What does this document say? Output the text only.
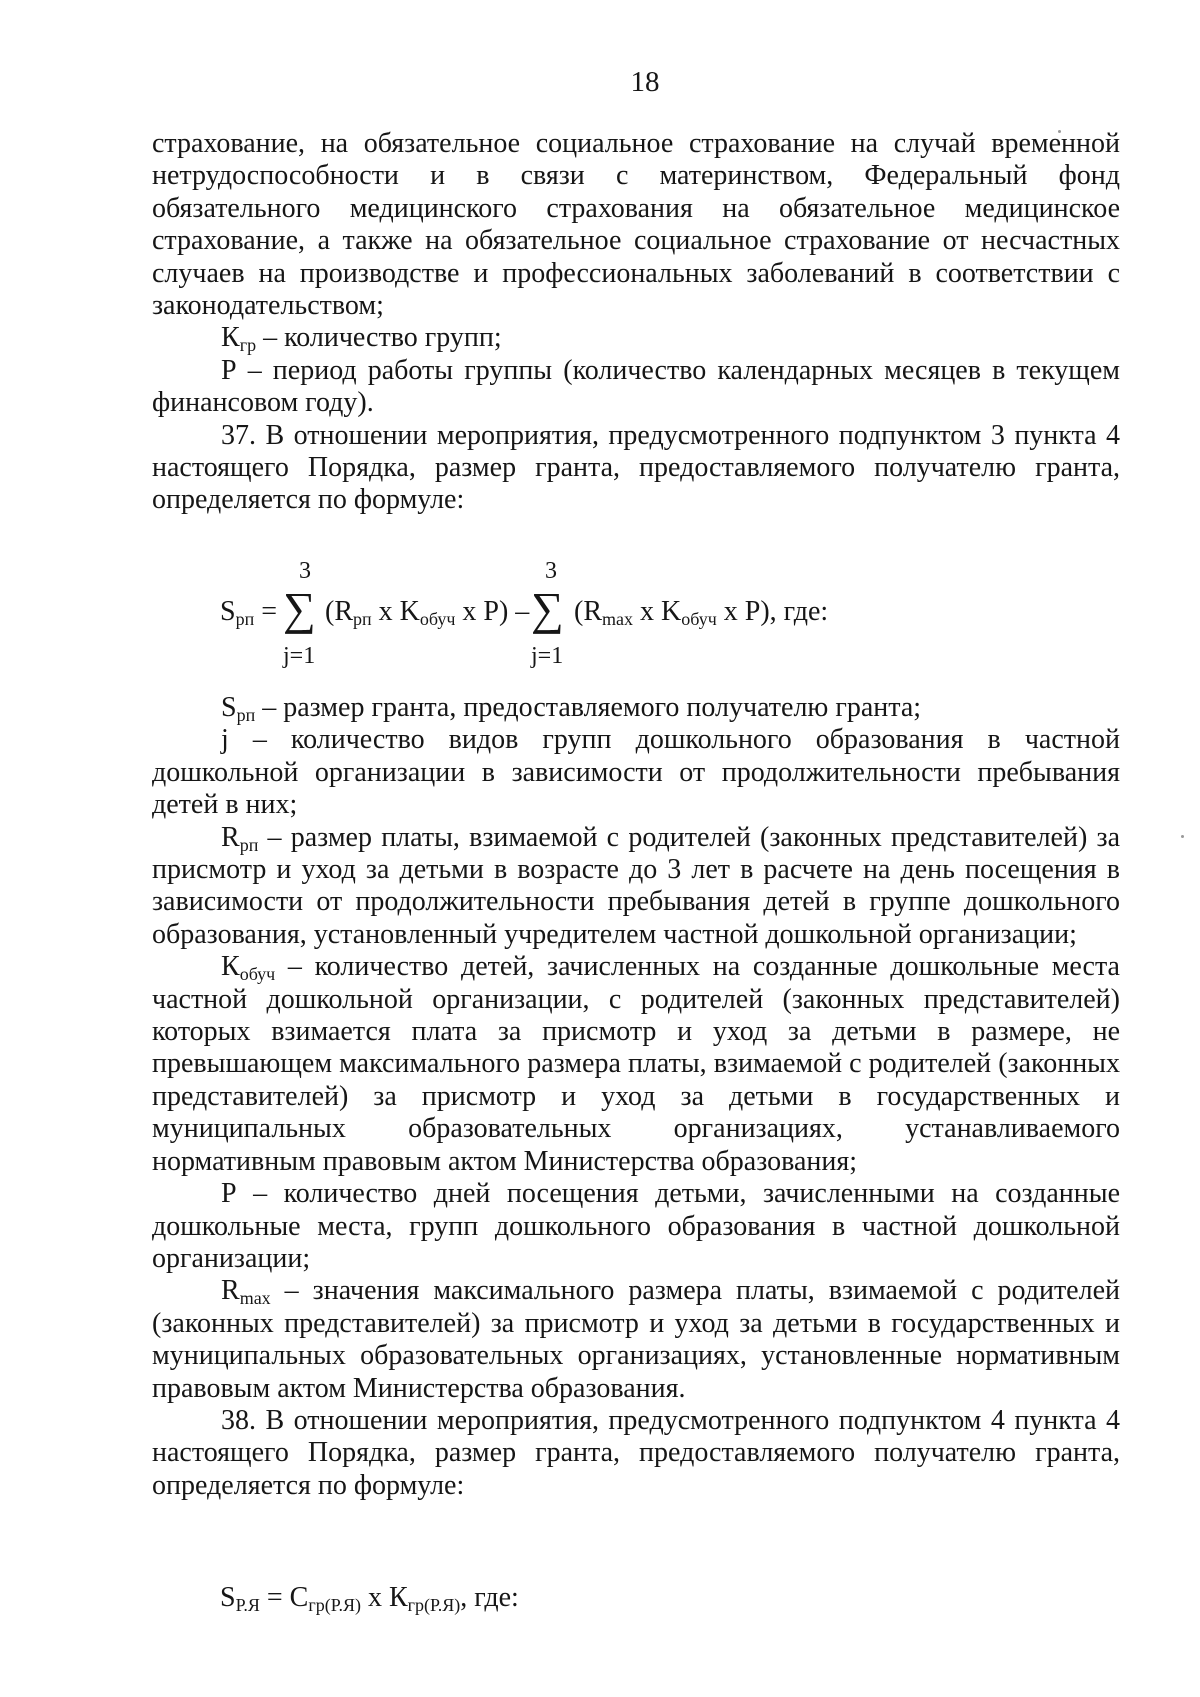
18

страхование, на обязательное социальное страхование на случай временной нетрудоспособности и в связи с материнством, Федеральный фонд обязательного медицинского страхования на обязательное медицинское страхование, а также на обязательное социальное страхование от несчастных случаев на производстве и профессиональных заболеваний в соответствии с законодательством;

$К_{гр}$ – количество групп;

Р – период работы группы (количество календарных месяцев в текущем финансовом году).

37. В отношении мероприятия, предусмотренного подпунктом 3 пункта 4 настоящего Порядка, размер гранта, предоставляемого получателю гранта, определяется по формуле:

3	3
$S_{рп}$ = ∑ ($R_{рп}$ х $K_{обуч}$ х P) – ∑ ($R_{max}$ х $K_{обуч}$ х P), где:
j=1	j=1

$S_{рп}$ – размер гранта, предоставляемого получателю гранта;

j – количество видов групп дошкольного образования в частной дошкольной организации в зависимости от продолжительности пребывания детей в них;

$R_{рп}$ – размер платы, взимаемой с родителей (законных представителей) за присмотр и уход за детьми в возрасте до 3 лет в расчете на день посещения в зависимости от продолжительности пребывания детей в группе дошкольного образования, установленный учредителем частной дошкольной организации;

$К_{обуч}$ – количество детей, зачисленных на созданные дошкольные места частной дошкольной организации, с родителей (законных представителей) которых взимается плата за присмотр и уход за детьми в размере, не превышающем максимального размера платы, взимаемой с родителей (законных представителей) за присмотр и уход за детьми в государственных и муниципальных образовательных организациях, устанавливаемого нормативным правовым актом Министерства образования;

Р – количество дней посещения детьми, зачисленными на созданные дошкольные места, групп дошкольного образования в частной дошкольной организации;

$R_{max}$ – значения максимального размера платы, взимаемой с родителей (законных представителей) за присмотр и уход за детьми в государственных и муниципальных образовательных организациях, установленные нормативным правовым актом Министерства образования.

38. В отношении мероприятия, предусмотренного подпунктом 4 пункта 4 настоящего Порядка, размер гранта, предоставляемого получателю гранта, определяется по формуле:

$S_{Р.Я} = С_{гр(Р.Я)}$ х $К_{гр(Р.Я)}$, где:
